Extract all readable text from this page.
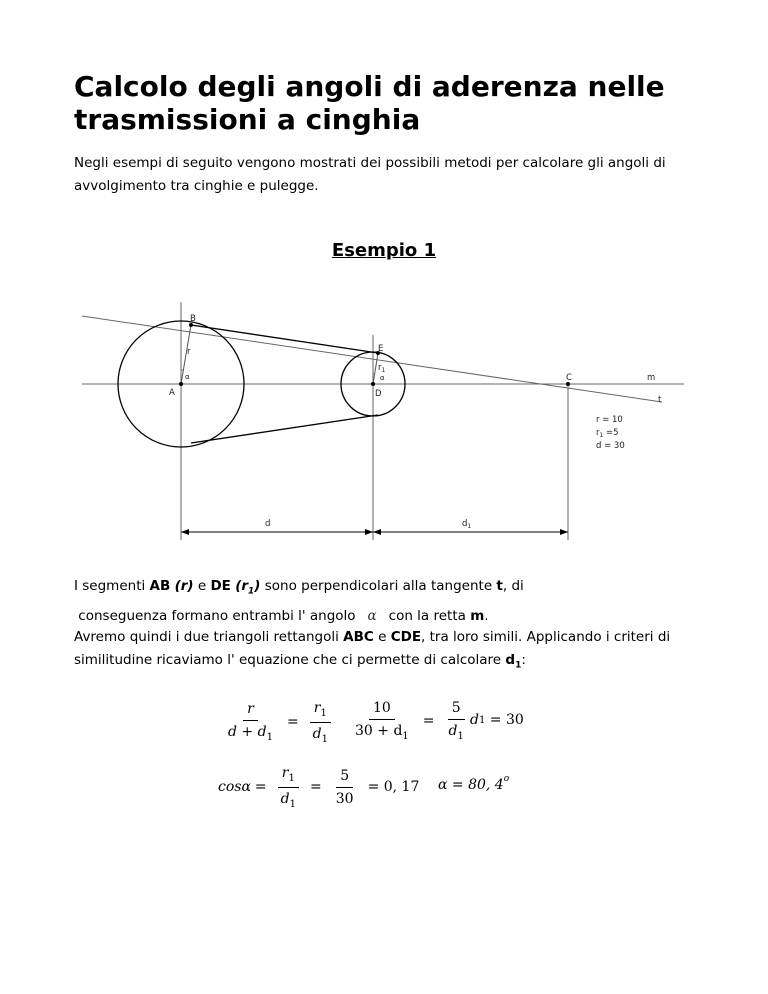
Calcolo degli angoli di aderenza nelle trasmissioni a cinghia

Negli esempi di seguito vengono mostrati dei possibili metodi per calcolare gli angoli di avvolgimento tra cinghie e pulegge.

Esempio 1
A
B
C
D
E
m
t
r
$r_1$
α	α
d	$d_1$
r = 10
$r_1 =5$
d = 30

I segmenti AB (r) e DE $(r_1)$ sono perpendicolari alla tangente t, di
conseguenza formano entrambi l' angolo α con la retta m.

Avremo quindi i due triangoli rettangoli ABC e CDE, tra loro simili. Applicando i criteri di similitudine ricaviamo l' equazione che ci permette di calcolare $d_1$:

$\frac{r}{d + d_1} = \frac{r_1}{d_1} \frac{10}{30 + d_1} = \frac{5}{d_1}$ d 1
= 30
$\cos\alpha = \frac{r_1}{d_1} = \frac{5}{30} = 0$, 17 α = 80, 4$^o$
